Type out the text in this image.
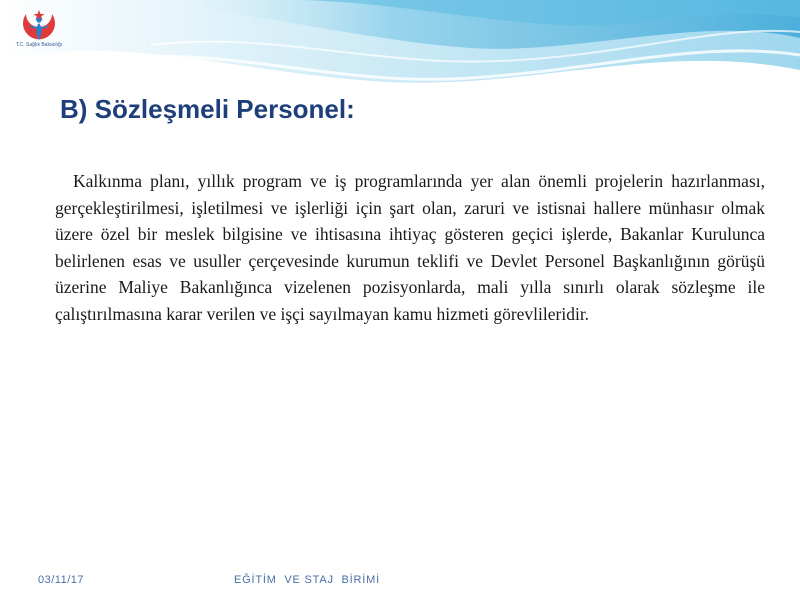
T.C. Sağlık Bakanlığı
B) Sözleşmeli Personel:

Kalkınma planı, yıllık program ve iş programlarında yer alan önemli projelerin hazırlanması, gerçekleştirilmesi, işletilmesi ve işlerliği için şart olan, zaruri ve istisnai hallere münhasır olmak üzere özel bir meslek bilgisine ve ihtisasına ihtiyaç gösteren geçici işlerde, Bakanlar Kurulunca belirlenen esas ve usuller çerçevesinde kurumun teklifi ve Devlet Personel Başkanlığının görüşü üzerine Maliye Bakanlığınca vizelenen pozisyonlarda, mali yılla sınırlı olarak sözleşme ile çalıştırılmasına karar verilen ve işçi sayılmayan kamu hizmeti görevlileridir.

03/11/17	EĞİTİM  VE STAJ  BİRİMİ
